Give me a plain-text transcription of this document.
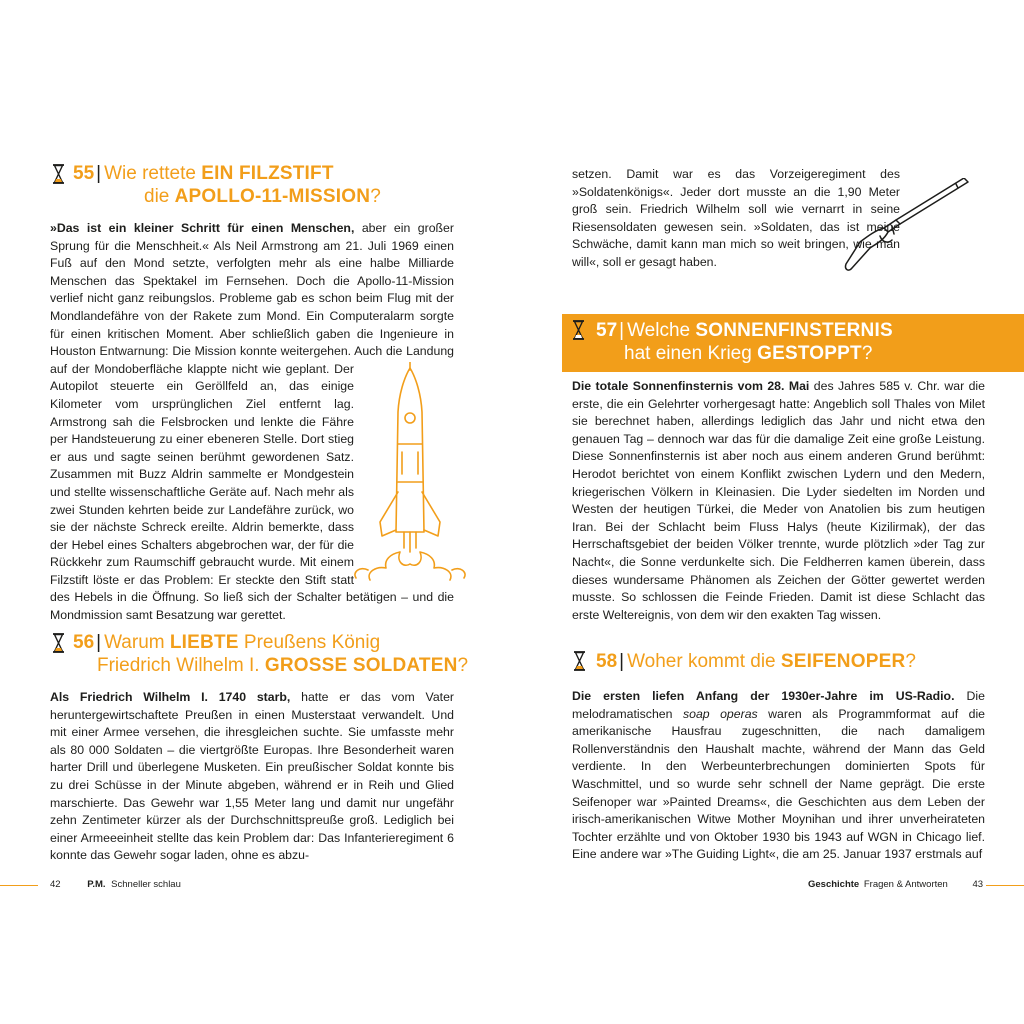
55 | Wie rettete EIN FILZSTIFT
die APOLLO-11-MISSION?

»Das ist ein kleiner Schritt für einen Menschen, aber ein großer Sprung für die Menschheit.« Als Neil Armstrong am 21. Juli 1969 einen Fuß auf den Mond setzte, verfolgten mehr als eine halbe Milliarde Menschen das Spektakel im Fernsehen. Doch die Apollo-11-Mission verlief nicht ganz reibungslos. Probleme gab es schon beim Flug mit der Mondlandefähre von der Rakete zum Mond. Ein Computeralarm sorgte für einen kritischen Moment. Aber schließlich gaben die Ingenieure in Houston Entwarnung: Die Mission konnte weitergehen. Auch die Landung auf der Mondoberfläche klappte nicht wie geplant. Der Autopilot steuerte ein Geröllfeld an, das einige Kilometer vom ursprünglichen Ziel entfernt lag. Armstrong sah die Felsbrocken und lenkte die Fähre per Handsteuerung zu einer ebeneren Stelle. Dort stieg er aus und sagte seinen berühmt gewordenen Satz. Zusammen mit Buzz Aldrin sammelte er Mondgestein und stellte wissenschaftliche Geräte auf. Nach mehr als zwei Stunden kehrten beide zur Landefähre zurück, wo sie der nächste Schreck ereilte. Aldrin bemerkte, dass der Hebel eines Schalters abgebrochen war, der für die Rückkehr zum Raumschiff gebraucht wurde. Mit einem Filzstift löste er das Problem: Er steckte den Stift statt des Hebels in die Öffnung. So ließ sich der Schalter betätigen – und die Mondmission samt Besatzung war gerettet.

56 | Warum LIEBTE Preußens König
Friedrich Wilhelm I. GROSSE SOLDATEN?

Als Friedrich Wilhelm I. 1740 starb, hatte er das vom Vater heruntergewirtschaftete Preußen in einen Musterstaat verwandelt. Und mit einer Armee versehen, die ihresgleichen suchte. Sie umfasste mehr als 80 000 Soldaten – die viertgrößte Europas. Ihre Besonderheit waren harter Drill und überlegene Musketen. Ein preußischer Soldat konnte bis zu drei Schüsse in der Minute abgeben, während er in Reih und Glied marschierte. Das Gewehr war 1,55 Meter lang und damit nur ungefähr zehn Zentimeter kürzer als der Durchschnittspreuße groß. Lediglich bei einer Armeeeinheit stellte das kein Problem dar: Das Infanterieregiment 6 konnte das Gewehr sogar laden, ohne es abzu-

42	P.M. Schneller schlau

setzen. Damit war es das Vorzeigeregiment des »Soldatenkönigs«. Jeder dort musste an die 1,90 Meter groß sein. Friedrich Wilhelm soll wie vernarrt in seine Riesensoldaten gewesen sein. »Soldaten, das ist meine Schwäche, damit kann man mich so weit bringen, wie man will«, soll er gesagt haben.

57 | Welche SONNENFINSTERNIS
hat einen Krieg GESTOPPT?

Die totale Sonnenfinsternis vom 28. Mai des Jahres 585 v. Chr. war die erste, die ein Gelehrter vorhergesagt hatte: Angeblich soll Thales von Milet sie berechnet haben, allerdings lediglich das Jahr und nicht etwa den genauen Tag – dennoch war das für die damalige Zeit eine große Leistung. Diese Sonnenfinsternis ist aber noch aus einem anderen Grund berühmt: Herodot berichtet von einem Konflikt zwischen Lydern und den Medern, kriegerischen Völkern in Kleinasien. Die Lyder siedelten im Norden und Westen der heutigen Türkei, die Meder von Anatolien bis zum heutigen Iran. Bei der Schlacht beim Fluss Halys (heute Kizilirmak), der das Herrschaftsgebiet der beiden Völker trennte, wurde plötzlich »der Tag zur Nacht«, die Sonne verdunkelte sich. Die Feldherren kamen überein, dass dieses wundersame Phänomen als Zeichen der Götter gewertet werden musste. So schlossen die Feinde Frieden. Damit ist diese Schlacht das erste Weltereignis, von dem wir den exakten Tag wissen.

58 | Woher kommt die SEIFENOPER?

Die ersten liefen Anfang der 1930er-Jahre im US-Radio. Die melodramatischen soap operas waren als Programmformat auf die amerikanische Hausfrau zugeschnitten, die nach damaligem Rollenverständnis den Haushalt machte, während der Mann das Geld verdiente. In den Werbeunterbrechungen dominierten Spots für Waschmittel, und so wurde sehr schnell der Name geprägt. Die erste Seifenoper war »Painted Dreams«, die Geschichten aus dem Leben der irisch-amerikanischen Witwe Mother Moynihan und ihrer unverheirateten Tochter erzählte und von Oktober 1930 bis 1943 auf WGN in Chicago lief. Eine andere war »The Guiding Light«, die am 25. Januar 1937 erstmals auf

Geschichte Fragen & Antworten	43
